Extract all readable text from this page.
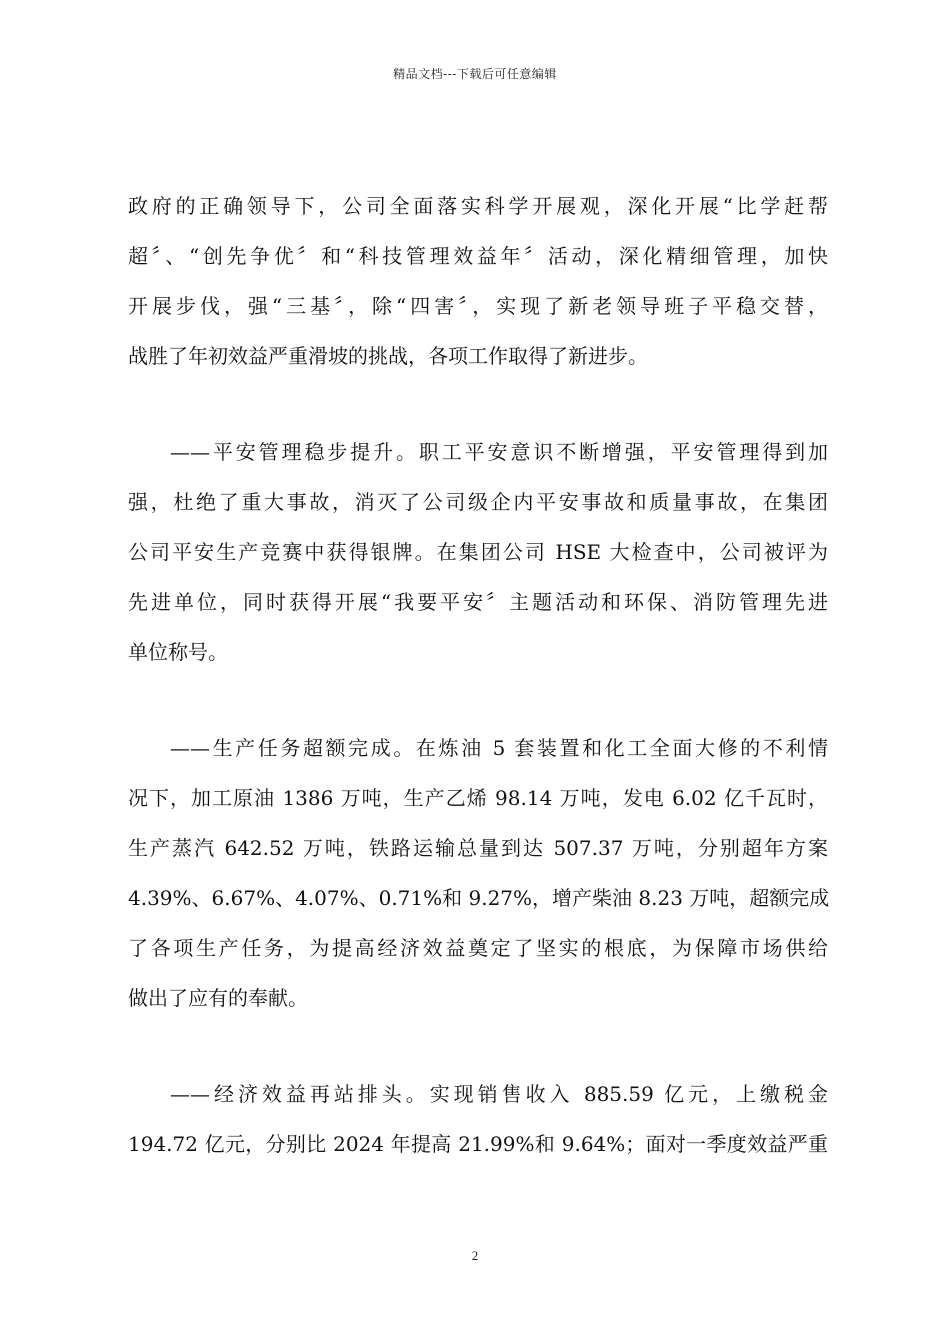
精品文档---下载后可任意编辑
政府的正确领导下，公司全面落实科学开展观，深化开展“比学赶帮
超〞、“创先争优〞和“科技管理效益年〞活动，深化精细管理，加快
开展步伐，强“三基〞，除“四害〞，实现了新老领导班子平稳交替，
战胜了年初效益严重滑坡的挑战，各项工作取得了新进步。
——平安管理稳步提升。职工平安意识不断增强，平安管理得到加
强，杜绝了重大事故，消灭了公司级企内平安事故和质量事故，在集团
公司平安生产竞赛中获得银牌。在集团公司 HSE 大检查中，公司被评为
先进单位，同时获得开展“我要平安〞主题活动和环保、消防管理先进
单位称号。
——生产任务超额完成。在炼油 5 套装置和化工全面大修的不利情
况下，加工原油 1386 万吨，生产乙烯 98.14 万吨，发电 6.02 亿千瓦时，
生产蒸汽 642.52 万吨，铁路运输总量到达 507.37 万吨，分别超年方案
4.39%、6.67%、4.07%、0.71%和 9.27%，增产柴油 8.23 万吨，超额完成
了各项生产任务，为提高经济效益奠定了坚实的根底，为保障市场供给
做出了应有的奉献。
——经济效益再站排头。实现销售收入 885.59 亿元，上缴税金
194.72 亿元，分别比 2024 年提高 21.99%和 9.64%；面对一季度效益严重
2
